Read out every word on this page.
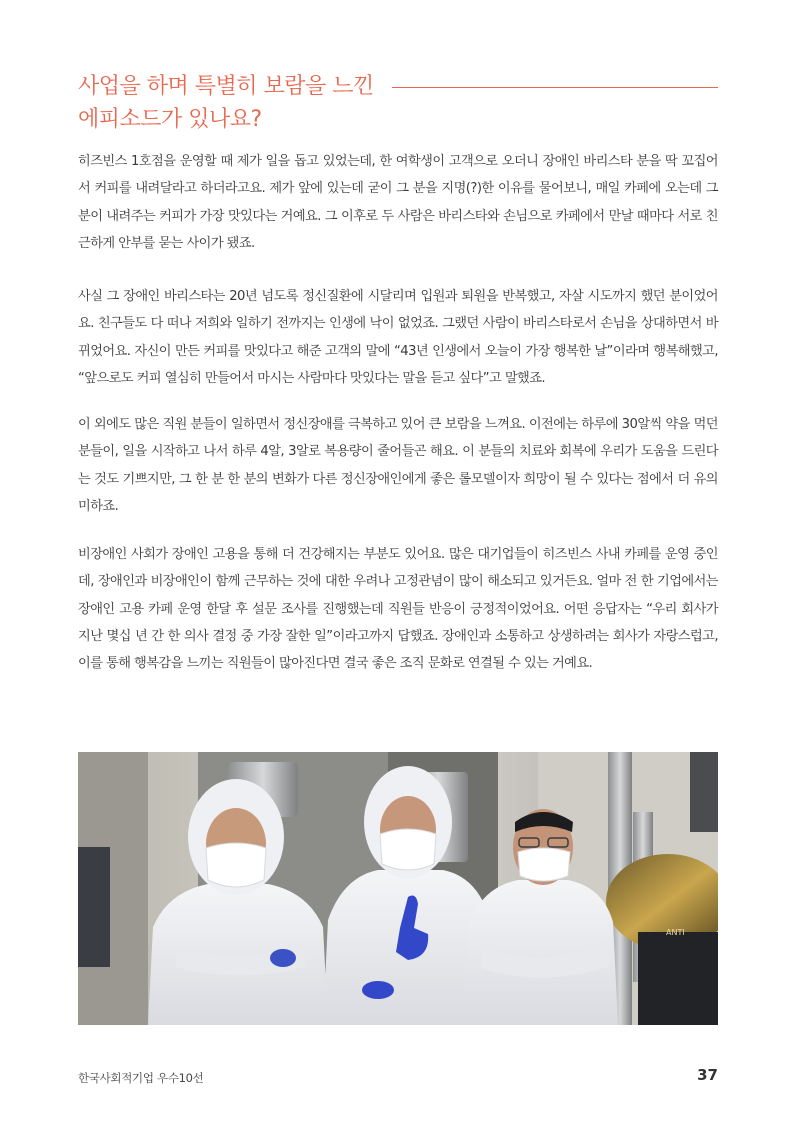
사업을 하며 특별히 보람을 느낀
에피소드가 있나요?

히즈빈스 1호점을 운영할 때 제가 일을 돕고 있었는데, 한 여학생이 고객으로 오더니 장애인 바리스타 분을 딱 꼬집어서 커피를 내려달라고 하더라고요. 제가 앞에 있는데 굳이 그 분을 지명(?)한 이유를 물어보니, 매일 카페에 오는데 그 분이 내려주는 커피가 가장 맛있다는 거예요. 그 이후로 두 사람은 바리스타와 손님으로 카페에서 만날 때마다 서로 친근하게 안부를 묻는 사이가 됐죠.

사실 그 장애인 바리스타는 20년 넘도록 정신질환에 시달리며 입원과 퇴원을 반복했고, 자살 시도까지 했던 분이었어요. 친구들도 다 떠나 저희와 일하기 전까지는 인생에 낙이 없었죠. 그랬던 사람이 바리스타로서 손님을 상대하면서 바뀌었어요. 자신이 만든 커피를 맛있다고 해준 고객의 말에 “43년 인생에서 오늘이 가장 행복한 날”이라며 행복해했고, “앞으로도 커피 열심히 만들어서 마시는 사람마다 맛있다는 말을 듣고 싶다”고 말했죠.

이 외에도 많은 직원 분들이 일하면서 정신장애를 극복하고 있어 큰 보람을 느껴요. 이전에는 하루에 30알씩 약을 먹던 분들이, 일을 시작하고 나서 하루 4알, 3알로 복용량이 줄어들곤 해요. 이 분들의 치료와 회복에 우리가 도움을 드린다는 것도 기쁘지만, 그 한 분 한 분의 변화가 다른 정신장애인에게 좋은 롤모델이자 희망이 될 수 있다는 점에서 더 유의미하죠.

비장애인 사회가 장애인 고용을 통해 더 건강해지는 부분도 있어요. 많은 대기업들이 히즈빈스 사내 카페를 운영 중인데, 장애인과 비장애인이 함께 근무하는 것에 대한 우려나 고정관념이 많이 해소되고 있거든요. 얼마 전 한 기업에서는 장애인 고용 카페 운영 한달 후 설문 조사를 진행했는데 직원들 반응이 긍정적이었어요. 어떤 응답자는 “우리 회사가 지난 몇십 년 간 한 의사 결정 중 가장 잘한 일”이라고까지 답했죠. 장애인과 소통하고 상생하려는 회사가 자랑스럽고, 이를 통해 행복감을 느끼는 직원들이 많아진다면 결국 좋은 조직 문화로 연결될 수 있는 거예요.

ANTI
한국사회적기업 우수10선	37
